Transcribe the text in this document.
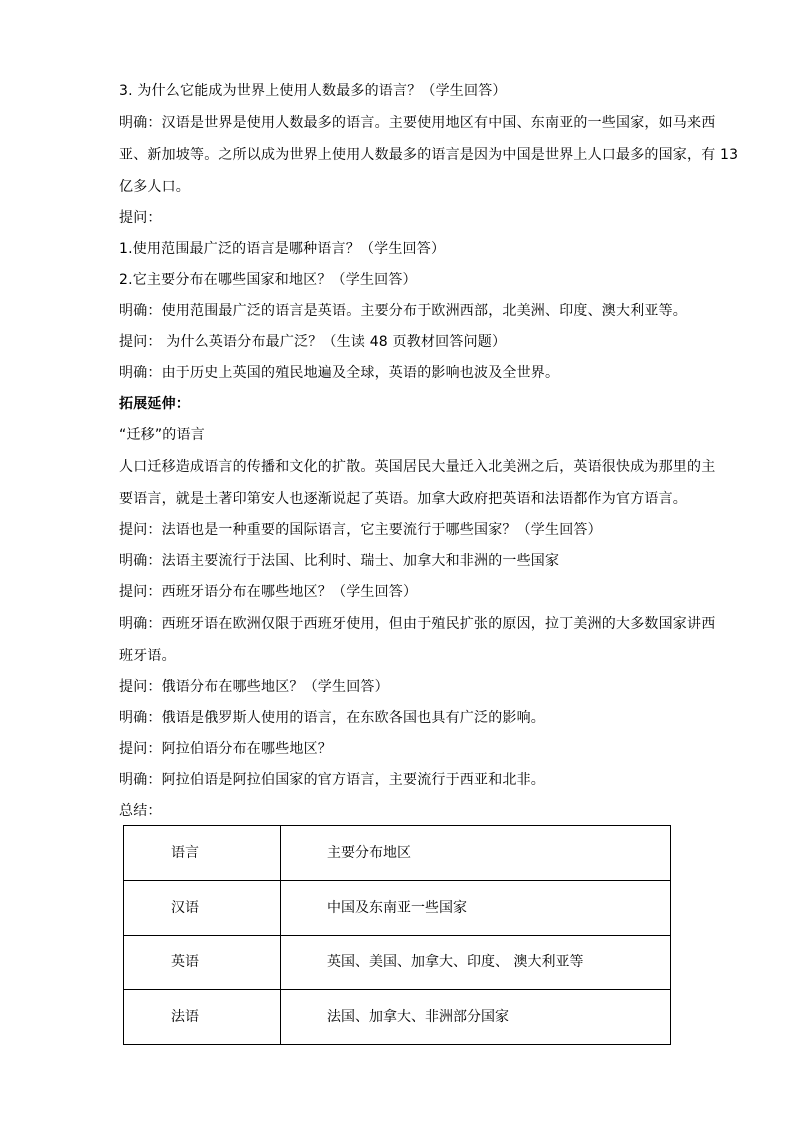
3. 为什么它能成为世界上使用人数最多的语言？（学生回答）
明确：汉语是世界是使用人数最多的语言。主要使用地区有中国、东南亚的一些国家，如马来西
亚、新加坡等。之所以成为世界上使用人数最多的语言是因为中国是世界上人口最多的国家，有 13
亿多人口。
提问：
1.使用范围最广泛的语言是哪种语言？（学生回答）
2.它主要分布在哪些国家和地区？（学生回答）
明确：使用范围最广泛的语言是英语。主要分布于欧洲西部，北美洲、印度、澳大利亚等。
提问： 为什么英语分布最广泛？（生读 48 页教材回答问题）
明确：由于历史上英国的殖民地遍及全球，英语的影响也波及全世界。
拓展延伸：
“迁移”的语言
人口迁移造成语言的传播和文化的扩散。英国居民大量迁入北美洲之后，英语很快成为那里的主
要语言，就是土著印第安人也逐渐说起了英语。加拿大政府把英语和法语都作为官方语言。
提问：法语也是一种重要的国际语言，它主要流行于哪些国家？（学生回答）
明确：法语主要流行于法国、比利时、瑞士、加拿大和非洲的一些国家
提问：西班牙语分布在哪些地区？（学生回答）
明确：西班牙语在欧洲仅限于西班牙使用，但由于殖民扩张的原因，拉丁美洲的大多数国家讲西
班牙语。
提问：俄语分布在哪些地区？（学生回答）
明确：俄语是俄罗斯人使用的语言，在东欧各国也具有广泛的影响。
提问：阿拉伯语分布在哪些地区？
明确：阿拉伯语是阿拉伯国家的官方语言，主要流行于西亚和北非。
总结：
语言	主要分布地区
汉语	中国及东南亚一些国家
英语	英国、美国、加拿大、印度、 澳大利亚等
法语	法国、加拿大、非洲部分国家
